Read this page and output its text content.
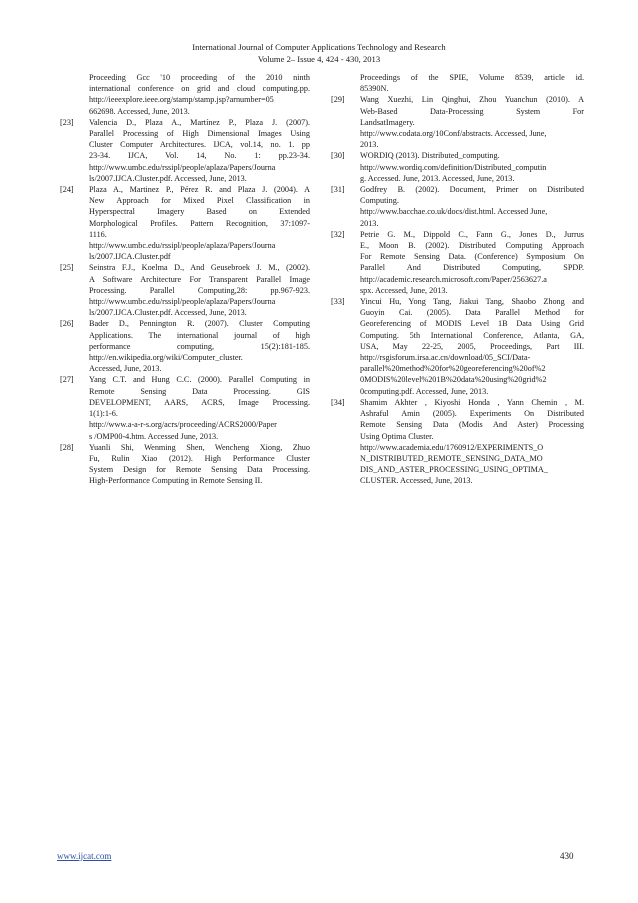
International Journal of Computer Applications Technology and Research
Volume 2– Issue 4, 424 - 430, 2013
Proceeding Gcc '10 proceeding of the 2010 ninth
international conference on grid and cloud computing.pp.
http://ieeexplore.ieee.org/stamp/stamp.jsp?arnumber=05
662698. Accessed, June, 2013.
[23] Valencia D., Plaza A., Martínez P., Plaza J. (2007).
Parallel Processing of High Dimensional Images Using
Cluster Computer Architectures. IJCA, vol.14, no. 1. pp
23-34. IJCA, Vol. 14, No. 1: pp.23-34.
http://www.umbc.edu/rssipl/people/aplaza/Papers/Journa
ls/2007.IJCA.Cluster.pdf. Accessed, June, 2013.
[24] Plaza A., Martinez P., Pérez R. and Plaza J. (2004). A
New Approach for Mixed Pixel Classification in
Hyperspectral Imagery Based on Extended
Morphological Profiles. Pattern Recognition, 37:1097-
1116.
http://www.umbc.edu/rssipl/people/aplaza/Papers/Journa
ls/2007.IJCA.Cluster.pdf
[25] Seinstra F.J., Koelma D., And Geusebroek J. M., (2002).
A Software Architecture For Transparent Parallel Image
Processing. Parallel Computing,28: pp.967-923.
http://www.umbc.edu/rssipl/people/aplaza/Papers/Journa
ls/2007.IJCA.Cluster.pdf. Accessed, June, 2013.
[26] Bader D., Pennington R. (2007). Cluster Computing
Applications. The international journal of high
performance computing, 15(2):181-185.
http://en.wikipedia.org/wiki/Computer_cluster.
Accessed, June, 2013.
[27] Yang C.T. and Hung C.C. (2000). Parallel Computing in
Remote Sensing Data Processing. GIS
DEVELOPMENT, AARS, ACRS, Image Processing.
1(1):1-6.
http://www.a-a-r-s.org/acrs/proceeding/ACRS2000/Paper
s /OMP00-4.htm. Accessed June, 2013.
[28] Yuanli Shi, Wenming Shen, Wencheng Xiong, Zhuo
Fu, Rulin Xiao (2012). High Performance Cluster
System Design for Remote Sensing Data Processing.
High-Performance Computing in Remote Sensing II.
Proceedings of the SPIE, Volume 8539, article id.
85390N.
[29] Wang Xuezhi, Lin Qinghui, Zhou Yuanchun (2010). A
Web-Based Data-Processing System For
LandsatImagery.
http://www.codata.org/10Conf/abstracts. Accessed, June,
2013.
[30] WORDIQ (2013). Distributed_computing.
http://www.wordiq.com/definition/Distributed_computin
g. Accessed. June, 2013. Accessed, June, 2013.
[31] Godfrey B. (2002). Document, Primer on Distributed
Computing.
http://www.bacchae.co.uk/docs/dist.html. Accessed June,
2013.
[32] Petrie G. M., Dippold C., Fann G., Jones D., Jurrus
E., Moon B. (2002). Distributed Computing Approach
For Remote Sensing Data. (Conference) Symposium On
Parallel And Distributed Computing, SPDP.
http://academic.research.microsoft.com/Paper/2563627.a
spx. Accessed, June, 2013.
[33] Yincui Hu, Yong Tang, Jiakui Tang, Shaobo Zhong and
Guoyin Cai. (2005). Data Parallel Method for
Georeferencing of MODIS Level 1B Data Using Grid
Computing. 5th International Conference, Atlanta, GA,
USA, May 22-25, 2005, Proceedings, Part III.
http://rsgisforum.irsa.ac.cn/download/05_SCI/Data-
parallel%20method%20for%20georeferencing%20of%2
0MODIS%20level%201B%20data%20using%20grid%2
0computing.pdf. Accessed, June, 2013.
[34] Shamim Akhter , Kiyoshi Honda , Yann Chemin , M.
Ashraful Amin (2005). Experiments On Distributed
Remote Sensing Data (Modis And Aster) Processing
Using Optima Cluster.
http://www.academia.edu/1760912/EXPERIMENTS_O
N_DISTRIBUTED_REMOTE_SENSING_DATA_MO
DIS_AND_ASTER_PROCESSING_USING_OPTIMA_
CLUSTER. Accessed, June, 2013.
www.ijcat.com	430
